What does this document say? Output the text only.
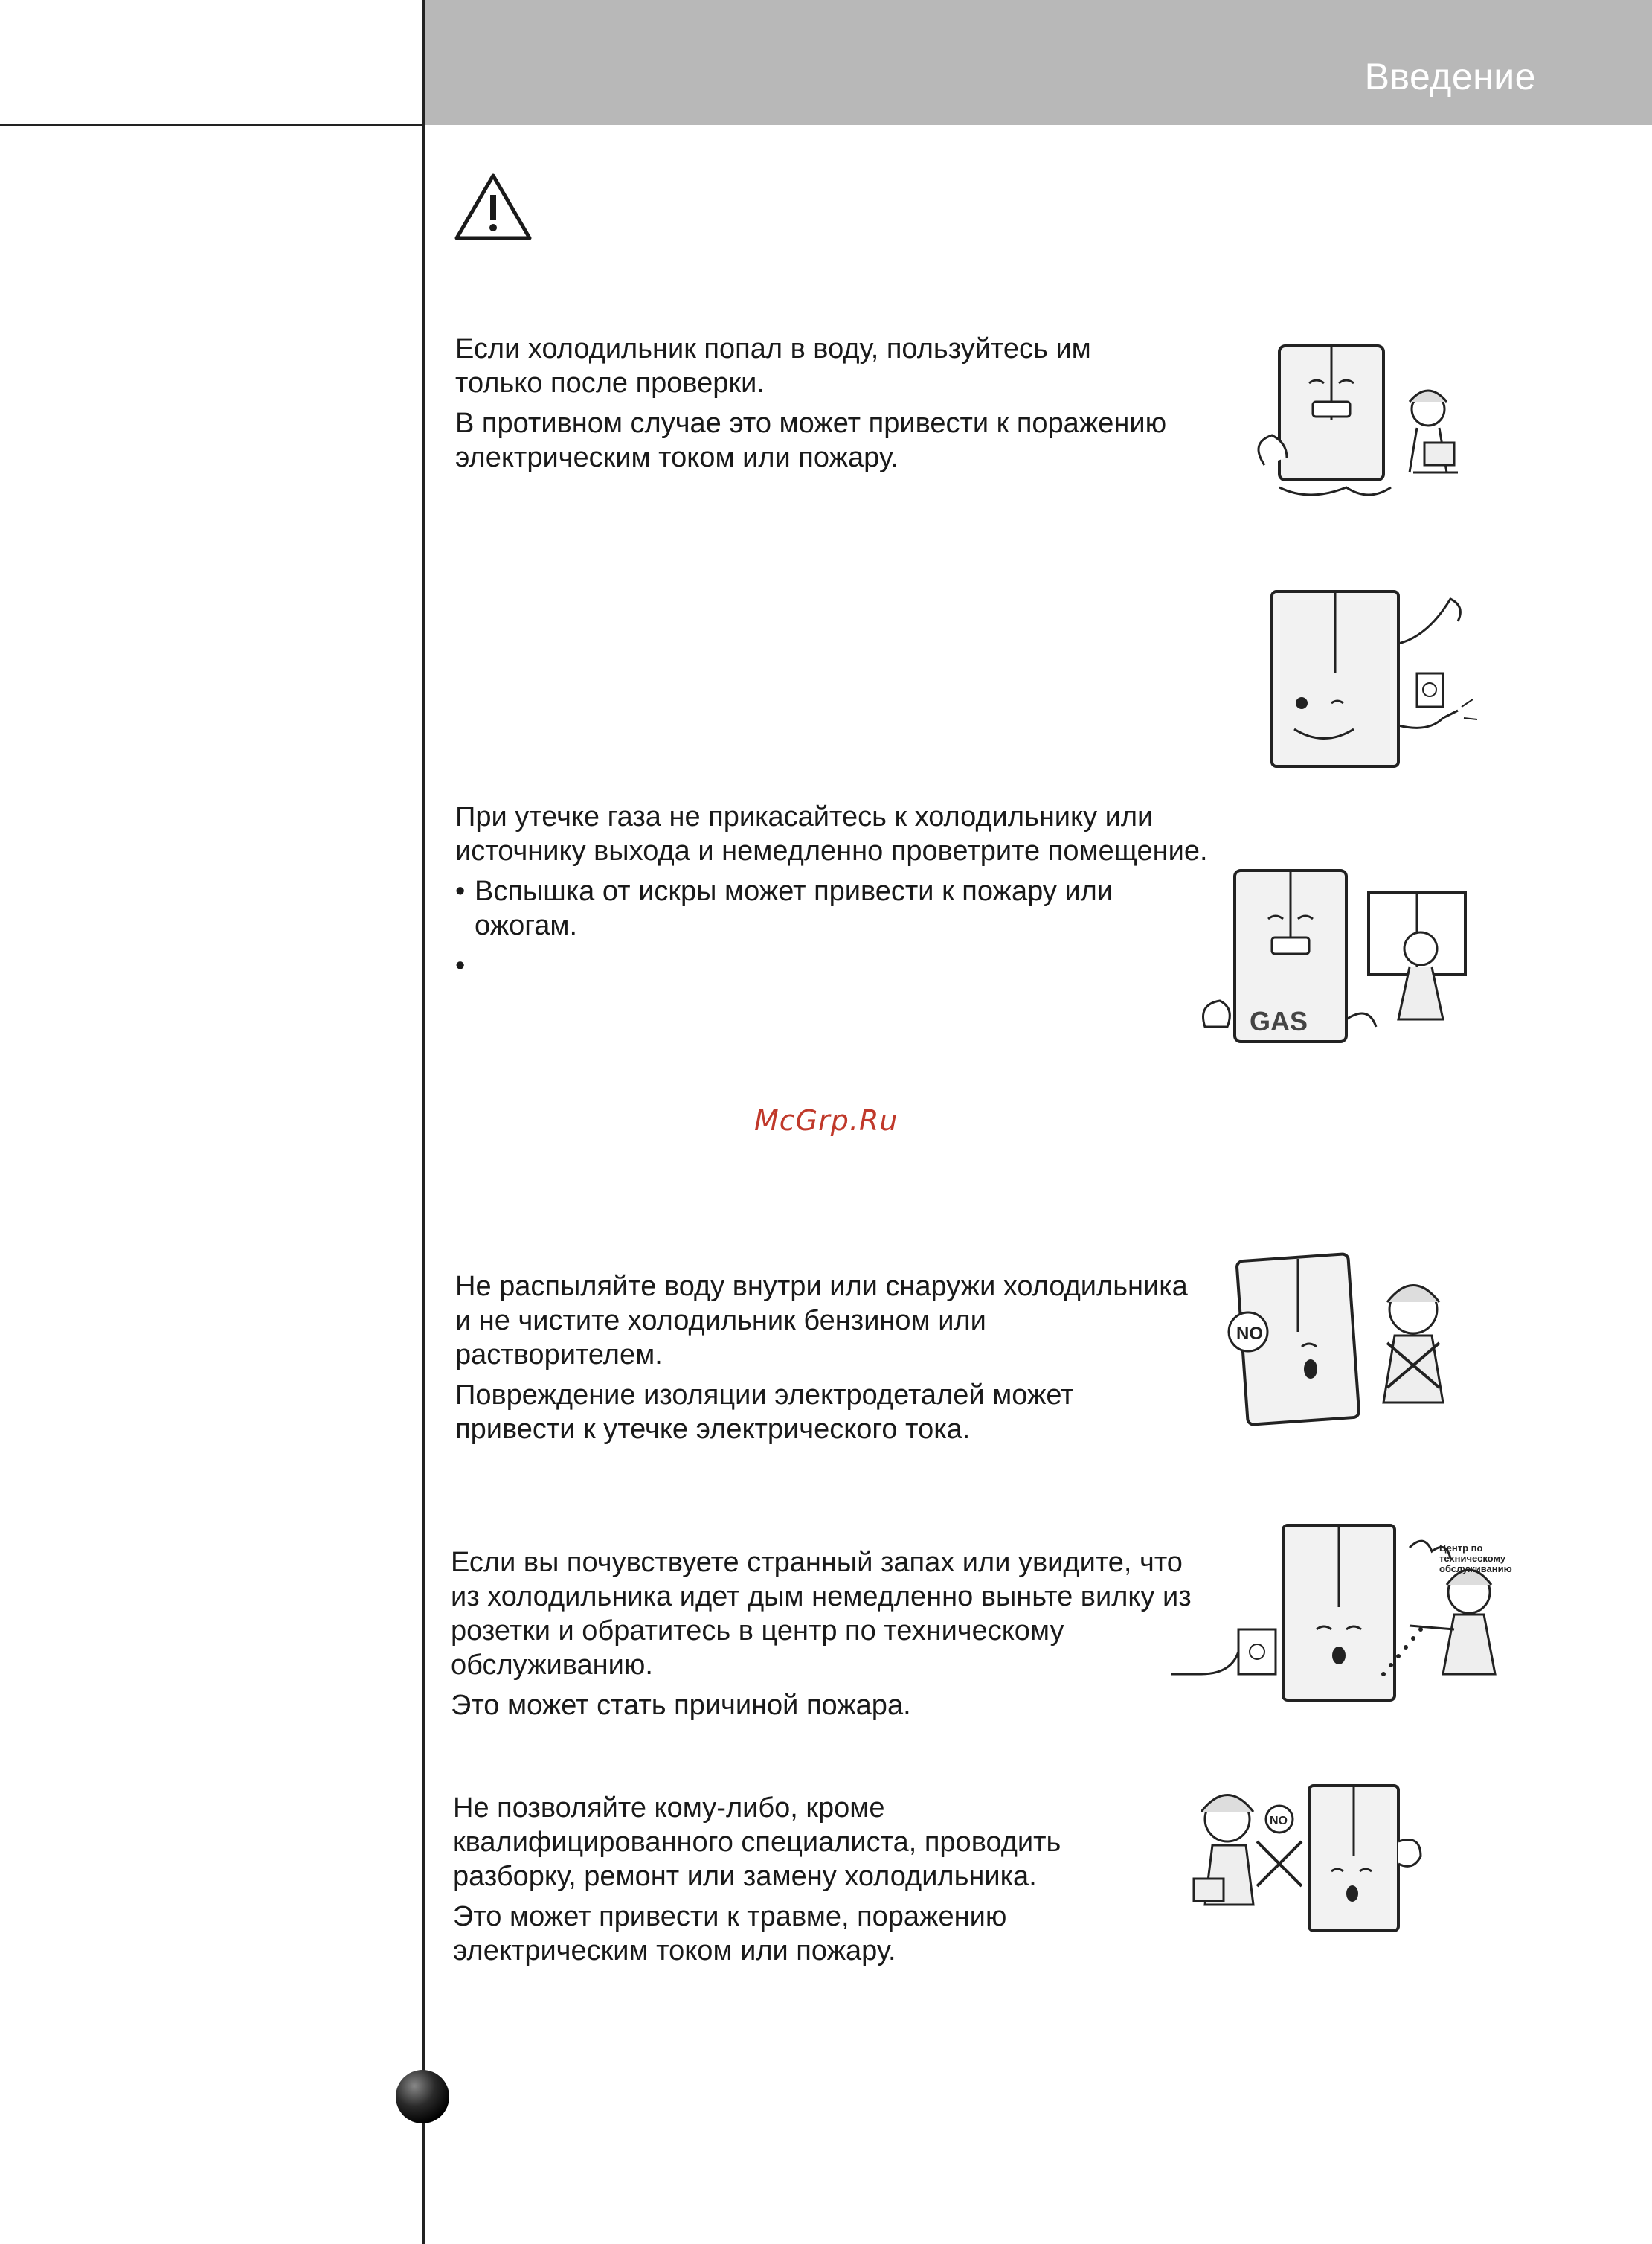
Введение

Если холодильник попал в воду, пользуйтесь им только после проверки.

В противном случае это может привести к поражению электрическим током или пожару.

При утечке газа не прикасайтесь к холодильнику или источнику выхода и немедленно проветрите помещение.

• Вспышка от искры может привести к пожару или ожогам.

•

GAS
McGrp.Ru

Не распыляйте воду внутри или снаружи холодильника и не чистите холодильник бензином или растворителем.

Повреждение изоляции электродеталей может привести к утечке электрического тока.

NO

Если вы почувствуете странный запах или увидите, что из холодильника идет дым немедленно выньте вилку из розетки и обратитесь в центр по техническому обслуживанию.

Это может стать причиной пожара.

Центр по техническому обслуживанию

Не позволяйте кому-либо, кроме квалифицированного специалиста, проводить разборку, ремонт или замену холодильника.

Это может привести к травме, поражению электрическим током или пожару.

NO
